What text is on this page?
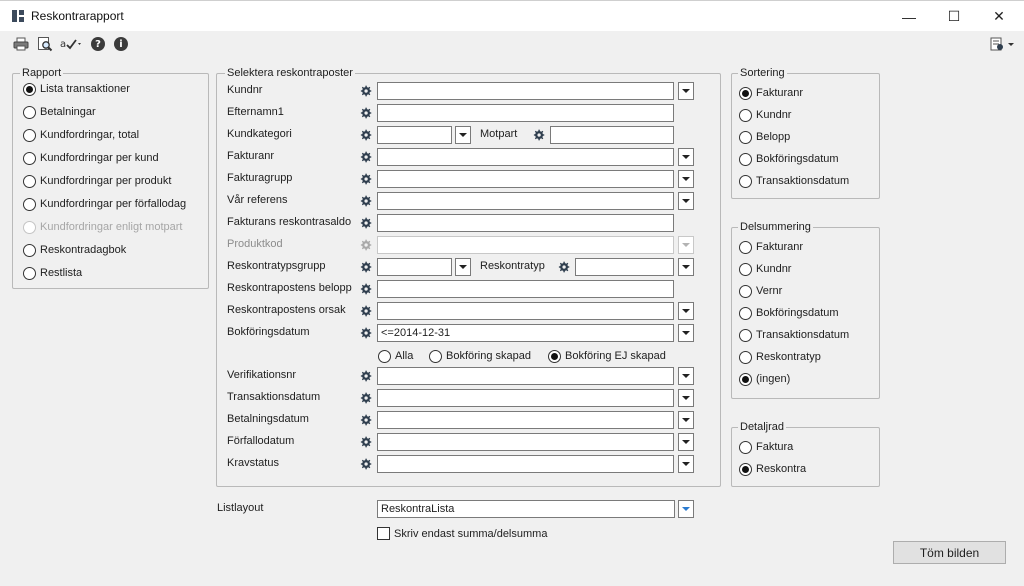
Reskontrarapport	— ☐ ✕
a	?	i
Rapport
Lista transaktioner
Betalningar
Kundfordringar, total
Kundfordringar per kund
Kundfordringar per produkt
Kundfordringar per förfallodag
Kundfordringar enligt motpart
Reskontradagbok
Restlista
Selektera reskontraposter
Kundnr
Efternamn1
Kundkategori	Motpart
Fakturanr
Fakturagrupp
Vår referens
Fakturans reskontrasaldo
Produktkod
Reskontratypsgrupp	Reskontratyp
Reskontrapostens belopp
Reskontrapostens orsak
Bokföringsdatum	<=2014-12-31
Verifikationsnr
Transaktionsdatum
Betalningsdatum
Förfallodatum
Kravstatus
Alla	Bokföring skapad	Bokföring EJ skapad
Sortering
Fakturanr
Kundnr
Belopp
Bokföringsdatum
Transaktionsdatum
Delsummering
Fakturanr
Kundnr
Vernr
Bokföringsdatum
Transaktionsdatum
Reskontratyp
(ingen)
Detaljrad
Faktura
Reskontra
Listlayout	ReskontraLista
Skriv endast summa/delsumma
Töm bilden
